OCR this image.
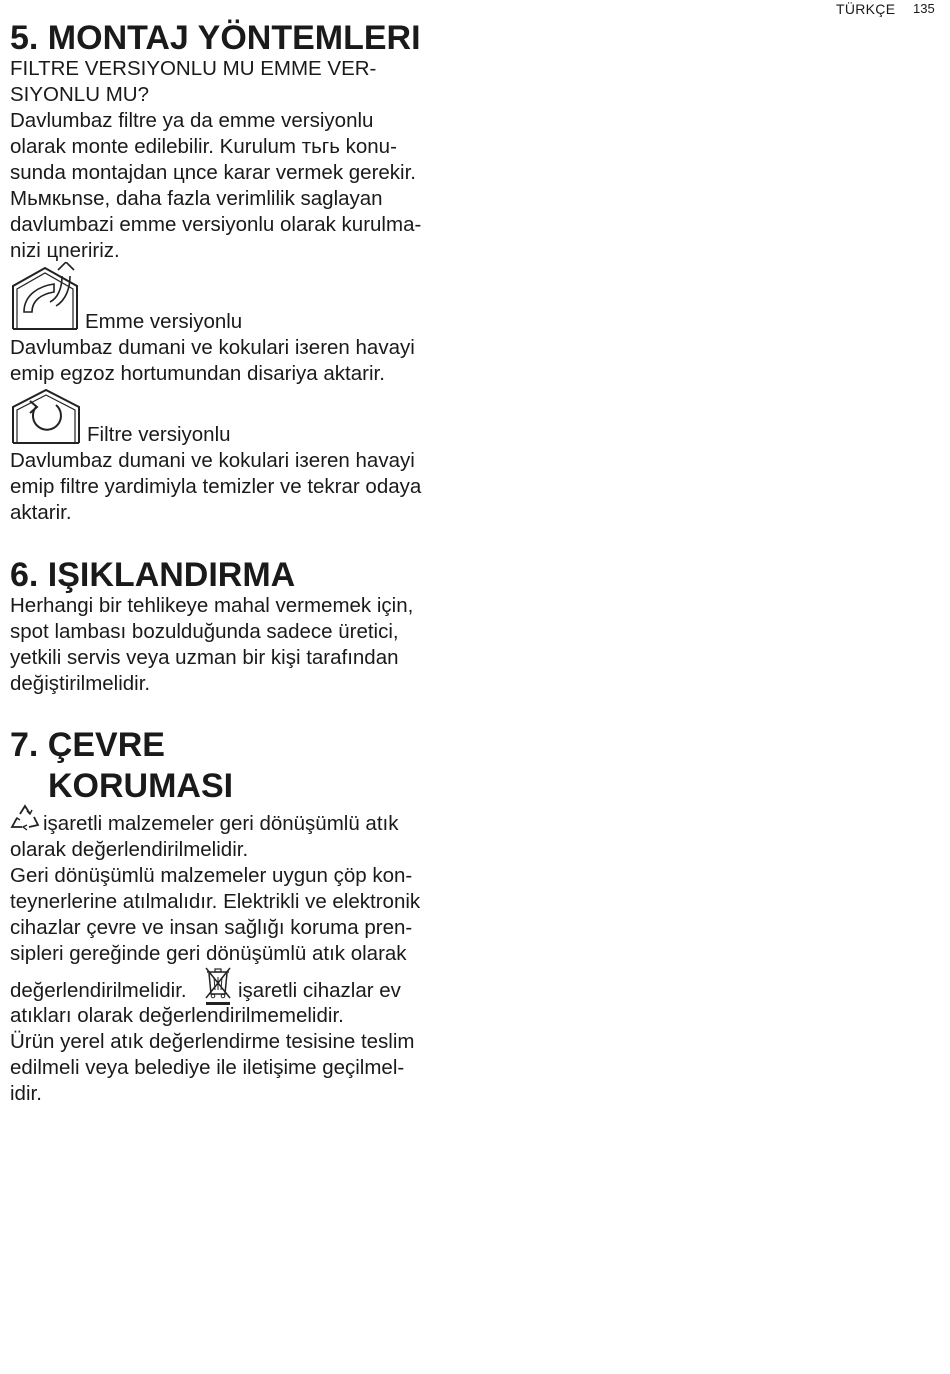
TÜRKÇE 135
5. MONTAJ YÖNTEMLERI
FILTRE VERSIYONLU MU EMME VER-
SIYONLU MU?
Davlumbaz filtre ya da emme versiyonlu
olarak monte edilebilir. Kurulum тьгь konu-
sunda montajdan цnce karar vermek gerekir.
Мьмкьnse, daha fazla verimlilik saglayan
davlumbazi emme versiyonlu olarak kurulma-
nizi цneririz.
Emme versiyonlu
Davlumbaz dumani ve kokulari iзeren havayi
emip egzoz hortumundan disariya aktarir.
Filtre versiyonlu
Davlumbaz dumani ve kokulari iзeren havayi
emip filtre yardimiyla temizler ve tekrar odaya
aktarir.
6. IŞIKLANDIRMA
Herhangi bir tehlikeye mahal vermemek için,
spot lambası bozulduğunda sadece üretici,
yetkili servis veya uzman bir kişi tarafından
değiştirilmelidir.
7. ÇEVRE
KORUMASI
işaretli malzemeler geri dönüşümlü atık
olarak değerlendirilmelidir.
Geri dönüşümlü malzemeler uygun çöp kon-
teynerlerine atılmalıdır. Elektrikli ve elektronik
cihazlar çevre ve insan sağlığı koruma pren-
sipleri gereğinde geri dönüşümlü atık olarak
değerlendirilmelidir.	işaretli cihazlar ev
atıkları olarak değerlendirilmemelidir.
Ürün yerel atık değerlendirme tesisine teslim
edilmeli veya belediye ile iletişime geçilmel-
idir.
